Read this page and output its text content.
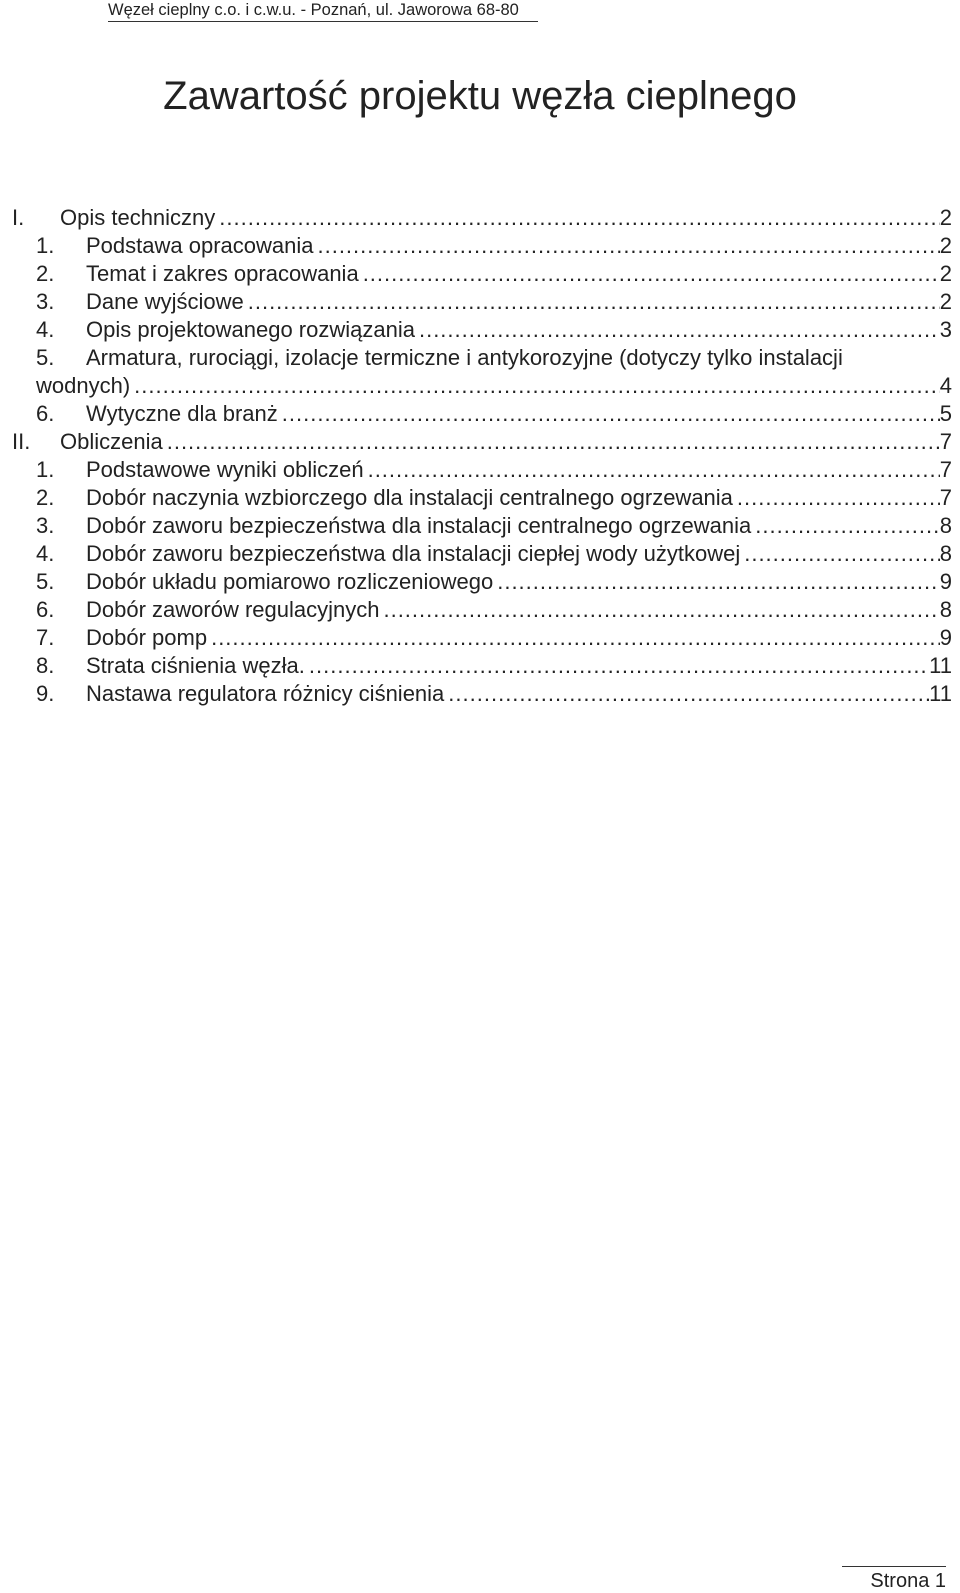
Węzeł cieplny c.o. i c.w.u. - Poznań, ul. Jaworowa 68-80
Zawartość projektu węzła cieplnego
I.	Opis techniczny .....	2
1.	Podstawa opracowania .....	2
2.	Temat i zakres opracowania .....	2
3.	Dane wyjściowe .....	2
4.	Opis projektowanego rozwiązania .....	3
5.	Armatura, rurociągi, izolacje termiczne i antykorozyjne (dotyczy tylko instalacji
wodnych) .....	4
6.	Wytyczne dla branż .....	5
II.	Obliczenia .....	7
1.	Podstawowe wyniki obliczeń .....	7
2.	Dobór naczynia wzbiorczego dla instalacji centralnego ogrzewania .....	7
3.	Dobór zaworu bezpieczeństwa dla instalacji centralnego ogrzewania .....	8
4.	Dobór zaworu bezpieczeństwa dla instalacji ciepłej wody użytkowej .....	8
5.	Dobór układu pomiarowo rozliczeniowego .....	9
6.	Dobór zaworów regulacyjnych .....	8
7.	Dobór pomp .....	9
8.	Strata ciśnienia węzła. .....	11
9.	Nastawa regulatora różnicy ciśnienia .....	11
Strona 1
